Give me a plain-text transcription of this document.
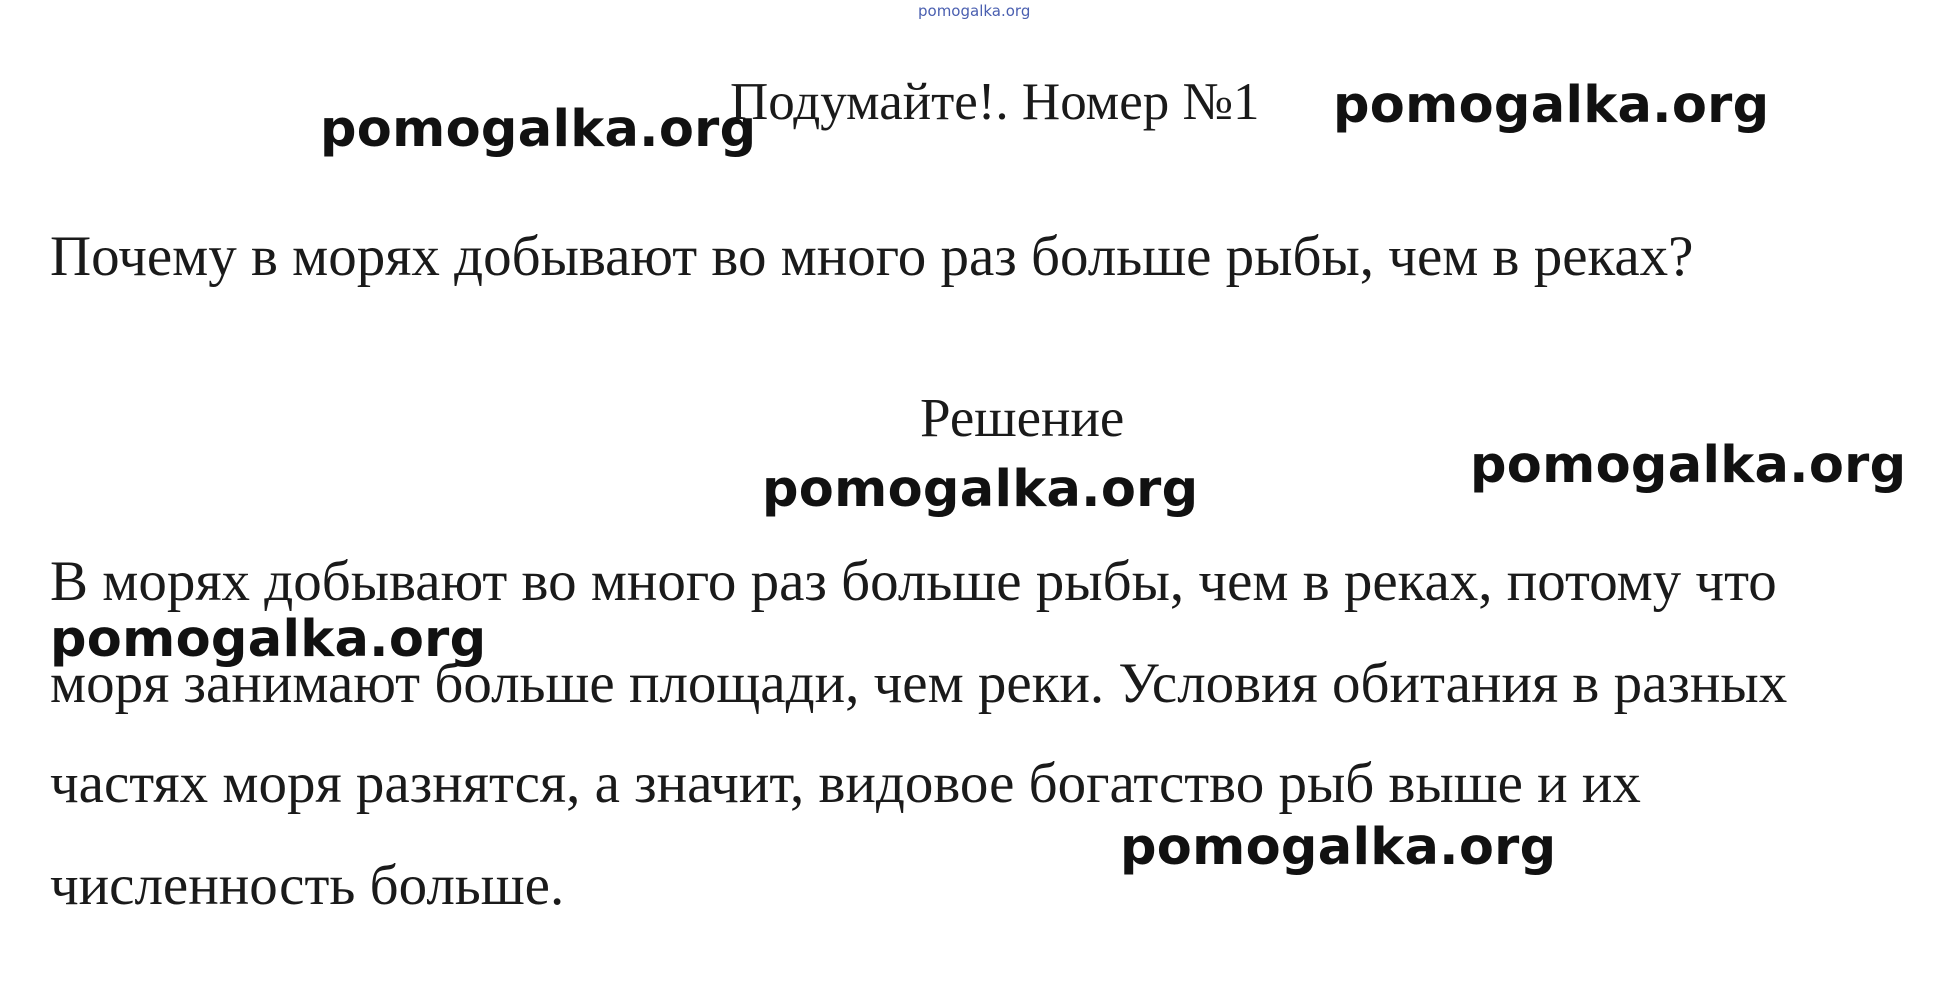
pomogalka.org
Подумайте!. Номер №1
Почему в морях добывают во много раз больше рыбы, чем в реках?
Решение
В морях добывают во много раз больше рыбы, чем в реках, потому что
моря занимают больше площади, чем реки. Условия обитания в разных
частях моря разнятся, а значит, видовое богатство рыб выше и их
численность больше.
pomogalka.org	pomogalka.org
pomogalka.org	pomogalka.org
pomogalka.org
pomogalka.org
